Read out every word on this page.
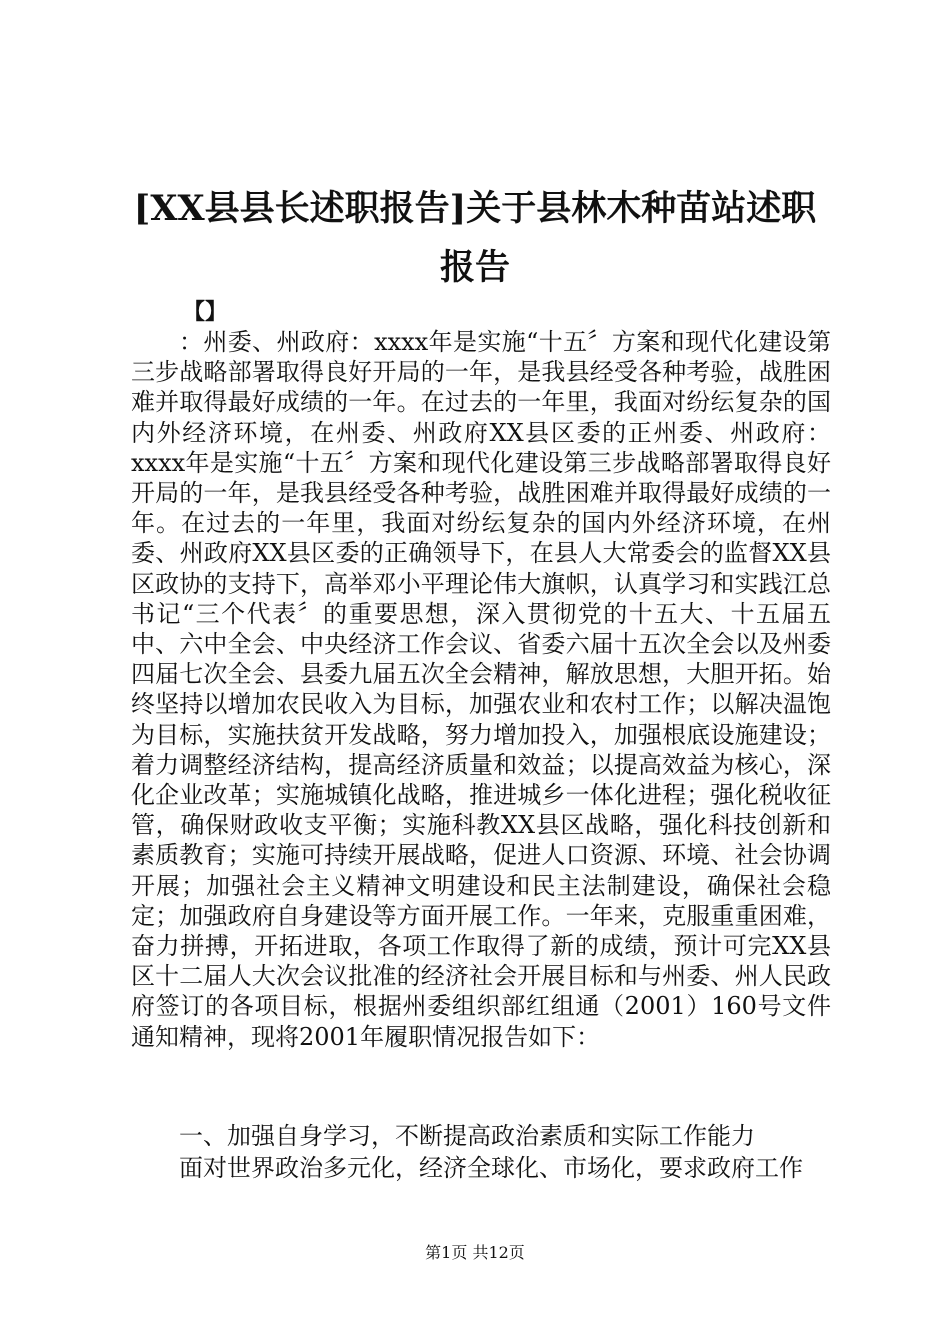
[XX县县长述职报告]关于县林木种苗站述职
报告
【】

：州委、州政府：xxxx年是实施“十五〞方案和现代化建设第三步战略部署取得良好开局的一年，是我县经受各种考验，战胜困难并取得最好成绩的一年。在过去的一年里，我面对纷纭复杂的国内外经济环境，在州委、州政府XX县区委的正州委、州政府：xxxx年是实施“十五〞方案和现代化建设第三步战略部署取得良好开局的一年，是我县经受各种考验，战胜困难并取得最好成绩的一年。在过去的一年里，我面对纷纭复杂的国内外经济环境，在州委、州政府XX县区委的正确领导下，在县人大常委会的监督XX县区政协的支持下，高举邓小平理论伟大旗帜，认真学习和实践江总书记“三个代表〞的重要思想，深入贯彻党的十五大、十五届五中、六中全会、中央经济工作会议、省委六届十五次全会以及州委四届七次全会、县委九届五次全会精神，解放思想，大胆开拓。始终坚持以增加农民收入为目标，加强农业和农村工作；以解决温饱为目标，实施扶贫开发战略，努力增加投入，加强根底设施建设；着力调整经济结构，提高经济质量和效益；以提高效益为核心，深化企业改革；实施城镇化战略，推进城乡一体化进程；强化税收征管，确保财政收支平衡；实施科教XX县区战略，强化科技创新和素质教育；实施可持续开展战略，促进人口资源、环境、社会协调开展；加强社会主义精神文明建设和民主法制建设，确保社会稳定；加强政府自身建设等方面开展工作。一年来，克服重重困难，奋力拼搏，开拓进取，各项工作取得了新的成绩，预计可完XX县区十二届人大次会议批准的经济社会开展目标和与州委、州人民政府签订的各项目标，根据州委组织部红组通（2001）160号文件通知精神，现将2001年履职情况报告如下：

一、加强自身学习，不断提高政治素质和实际工作能力

面对世界政治多元化，经济全球化、市场化，要求政府工作

第1页 共12页
